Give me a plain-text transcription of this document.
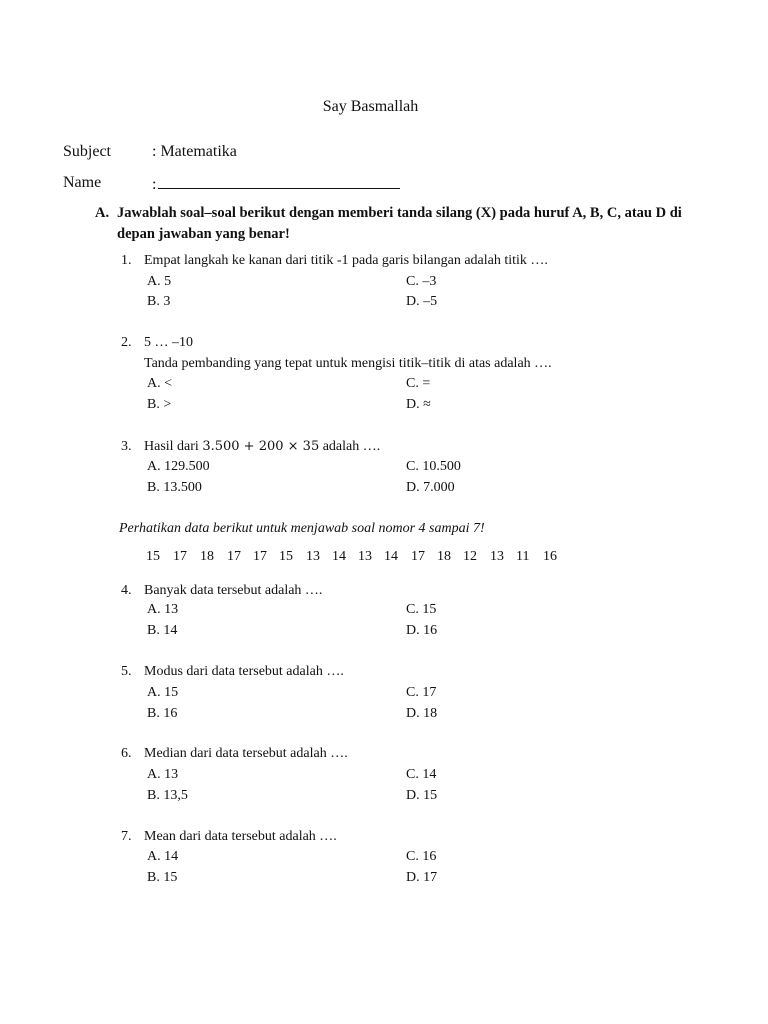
Say Basmallah
Subject	: Matematika
Name	:
A. Jawablah soal–soal berikut dengan memberi tanda silang (X) pada huruf A, B, C, atau D di depan jawaban yang benar!
1. Empat langkah ke kanan dari titik -1 pada garis bilangan adalah titik ….
A. 5
B. 3
C. –3
D. –5
2. 5 … –10
Tanda pembanding yang tepat untuk mengisi titik–titik di atas adalah ….
A. <
B. >
C. =
D. ≈
3. Hasil dari 3.500 + 200 × 35 adalah ….
A. 129.500
B. 13.500
C. 10.500
D. 7.000
Perhatikan data berikut untuk menjawab soal nomor 4 sampai 7!
15 17 18 17 17 15 13 14 13 14 17 18 12 13 11 16
4. Banyak data tersebut adalah ….
A. 13
B. 14
C. 15
D. 16
5. Modus dari data tersebut adalah ….
A. 15
B. 16
C. 17
D. 18
6. Median dari data tersebut adalah ….
A. 13
B. 13,5
C. 14
D. 15
7. Mean dari data tersebut adalah ….
A. 14
B. 15
C. 16
D. 17
